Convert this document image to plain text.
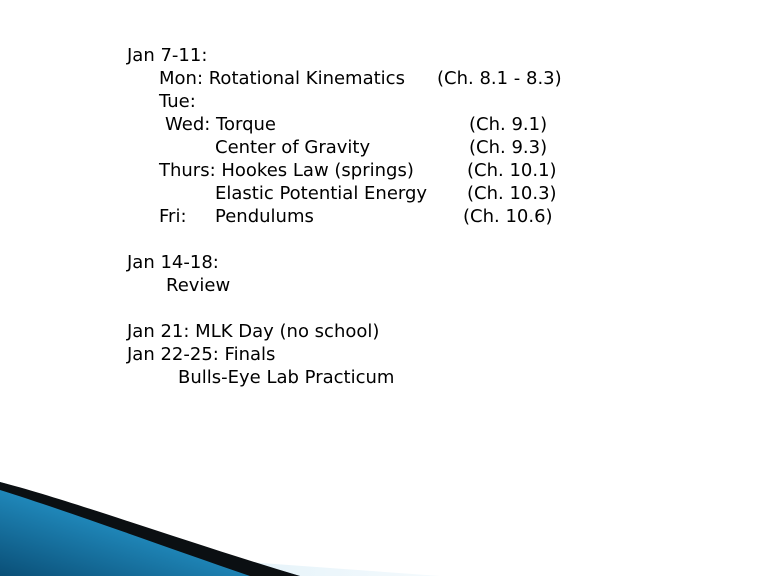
Jan 7-11:
Mon: Rotational Kinematics (Ch. 8.1 - 8.3)
Tue:
Wed: Torque	(Ch. 9.1)
Center of Gravity	(Ch. 9.3)
Thurs: Hookes Law (springs)	(Ch. 10.1)
Elastic Potential Energy (Ch. 10.3)
Fri: Pendulums	(Ch. 10.6)
Jan 14-18:
Review
Jan 21: MLK Day (no school)
Jan 22-25: Finals
Bulls-Eye Lab Practicum
